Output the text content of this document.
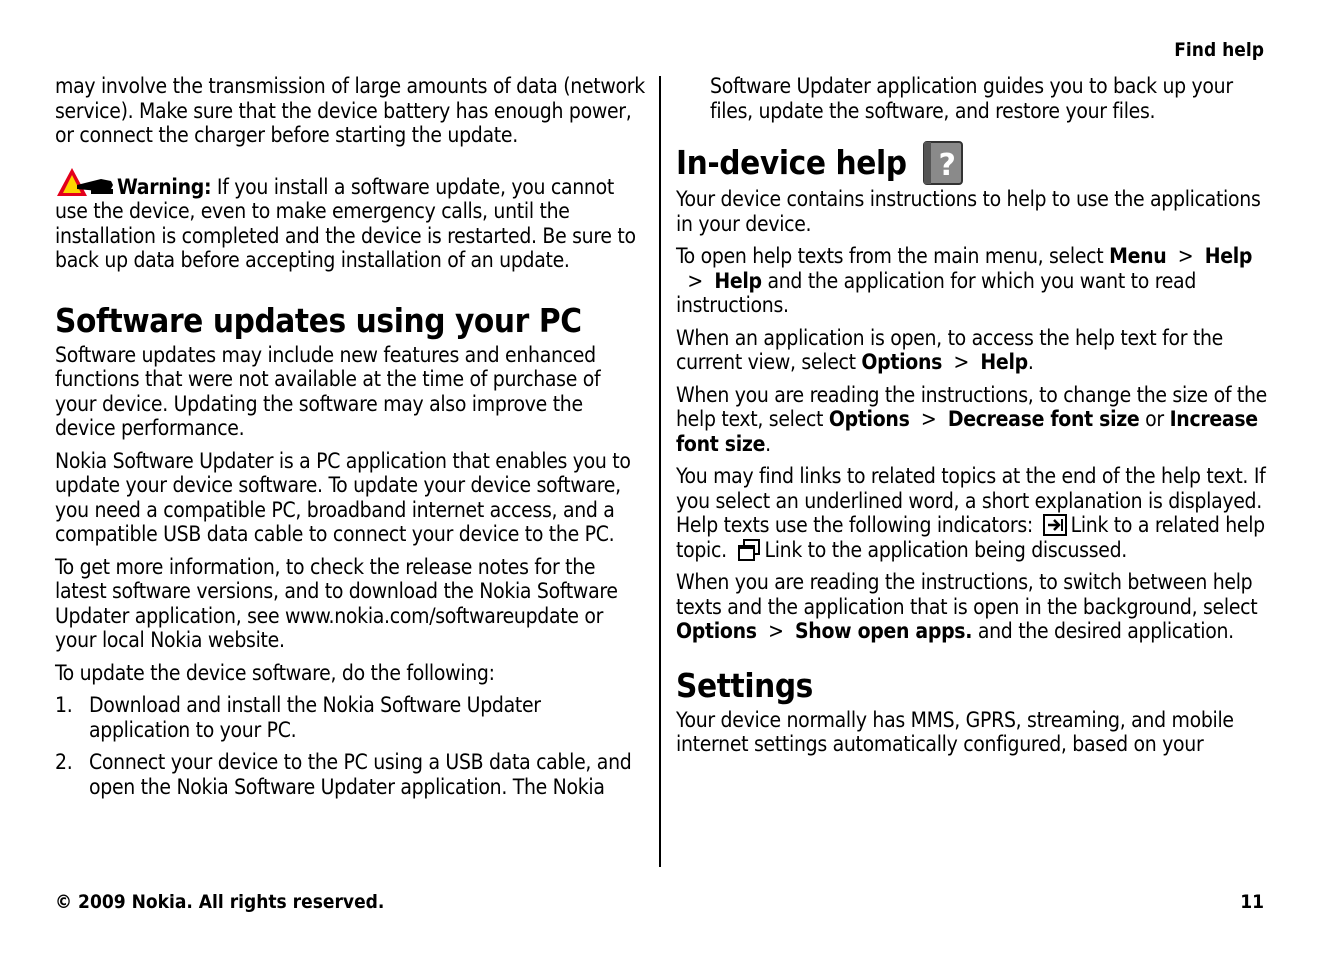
Find help

may involve the transmission of large amounts of data (network service). Make sure that the device battery has enough power, or connect the charger before starting the update.

Warning: If you install a software update, you cannot use the device, even to make emergency calls, until the installation is completed and the device is restarted. Be sure to back up data before accepting installation of an update.

Software updates using your PC

Software updates may include new features and enhanced functions that were not available at the time of purchase of your device. Updating the software may also improve the device performance.

Nokia Software Updater is a PC application that enables you to update your device software. To update your device software, you need a compatible PC, broadband internet access, and a compatible USB data cable to connect your device to the PC.

To get more information, to check the release notes for the latest software versions, and to download the Nokia Software Updater application, see www.nokia.com/softwareupdate or your local Nokia website.

To update the device software, do the following:

1. Download and install the Nokia Software Updater application to your PC.
2. Connect your device to the PC using a USB data cable, and open the Nokia Software Updater application. The Nokia

Software Updater application guides you to back up your files, update the software, and restore your files.

In-device help ?

Your device contains instructions to help to use the applications in your device.

To open help texts from the main menu, select Menu  >  Help  >  Help and the application for which you want to read instructions.

When an application is open, to access the help text for the current view, select Options  >  Help.

When you are reading the instructions, to change the size of the help text, select Options  >  Decrease font size or Increase font size.

You may find links to related topics at the end of the help text. If you select an underlined word, a short explanation is displayed. Help texts use the following indicators: Link to a related help topic. Link to the application being discussed.

When you are reading the instructions, to switch between help texts and the application that is open in the background, select Options  >  Show open apps. and the desired application.

Settings

Your device normally has MMS, GPRS, streaming, and mobile internet settings automatically configured, based on your

© 2009 Nokia. All rights reserved.	11
